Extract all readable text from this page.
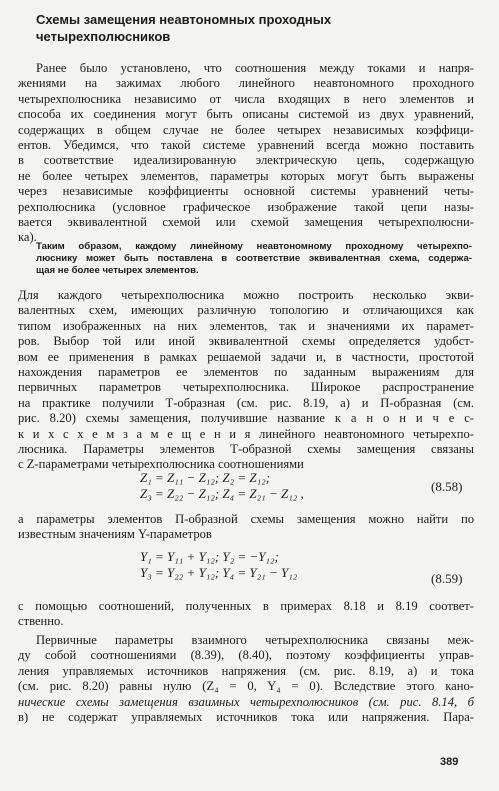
Схемы замещения неавтономных проходных
четырехполюсников
Ранее было установлено, что соотношения между токами и напря-
жениями на зажимах любого линейного неавтономного проходного
четырехполюсника независимо от числа входящих в него элементов и
способа их соединения могут быть описаны системой из двух уравнений,
содержащих в общем случае не более четырех независимых коэффици-
ентов. Убедимся, что такой системе уравнений всегда можно поставить
в соответствие идеализированную электрическую цепь, содержащую
не более четырех элементов, параметры которых могут быть выражены
через независимые коэффициенты основной системы уравнений четы-
рехполюсника (условное графическое изображение такой цепи назы-
вается эквивалентной схемой или схемой замещения четырехполюсни-
ка).
Таким образом, каждому линейному неавтономному проходному четырехпо-
люснику может быть поставлена в соответствие эквивалентная схема, содержа-
щая не более четырех элементов.
Для каждого четырехполюсника можно построить несколько экви-
валентных схем, имеющих различную топологию и отличающихся как
типом изображенных на них элементов, так и значениями их парамет-
ров. Выбор той или иной эквивалентной схемы определяется удобст-
вом ее применения в рамках решаемой задачи и, в частности, простотой
нахождения параметров ее элементов по заданным выражениям для
первичных параметров четырехполюсника. Широкое распространение
на практике получили Т-образная (см. рис. 8.19, а) и П-образная (см.
рис. 8.20) схемы замещения, получившие название к а н о н и ч е с-
к и х с х е м з а м е щ е н и я линейного неавтономного четырехпо-
люсника. Параметры элементов Т-образной схемы замещения связаны
с Z-параметрами четырехполюсника соотношениями
Z₁ = Z₁₁ − Z₁₂; Z₂ = Z₁₂;
Z₃ = Z₂₂ − Z₁₂; Z₄ = Z₂₁ − Z₁₂ ,	(8.58)
а параметры элементов П-образной схемы замещения можно найти по
известным значениям Y-параметров
Y₁ = Y₁₁ + Y₁₂; Y₂ = −Y₁₂;
Y₃ = Y₂₂ + Y₁₂; Y₄ = Y₂₁ − Y₁₂	(8.59)
с помощью соотношений, полученных в примерах 8.18 и 8.19 соответ-
ственно.
Первичные параметры взаимного четырехполюсника связаны меж-
ду собой соотношениями (8.39), (8.40), поэтому коэффициенты управ-
ления управляемых источников напряжения (см. рис. 8.19, а) и тока
(см. рис. 8.20) равны нулю (Z₄ = 0, Y₄ = 0). Вследствие этого кано-
нические схемы замещения взаимных четырехполюсников (см. рис. 8.14, б
в) не содержат управляемых источников тока или напряжения. Пара-
389
